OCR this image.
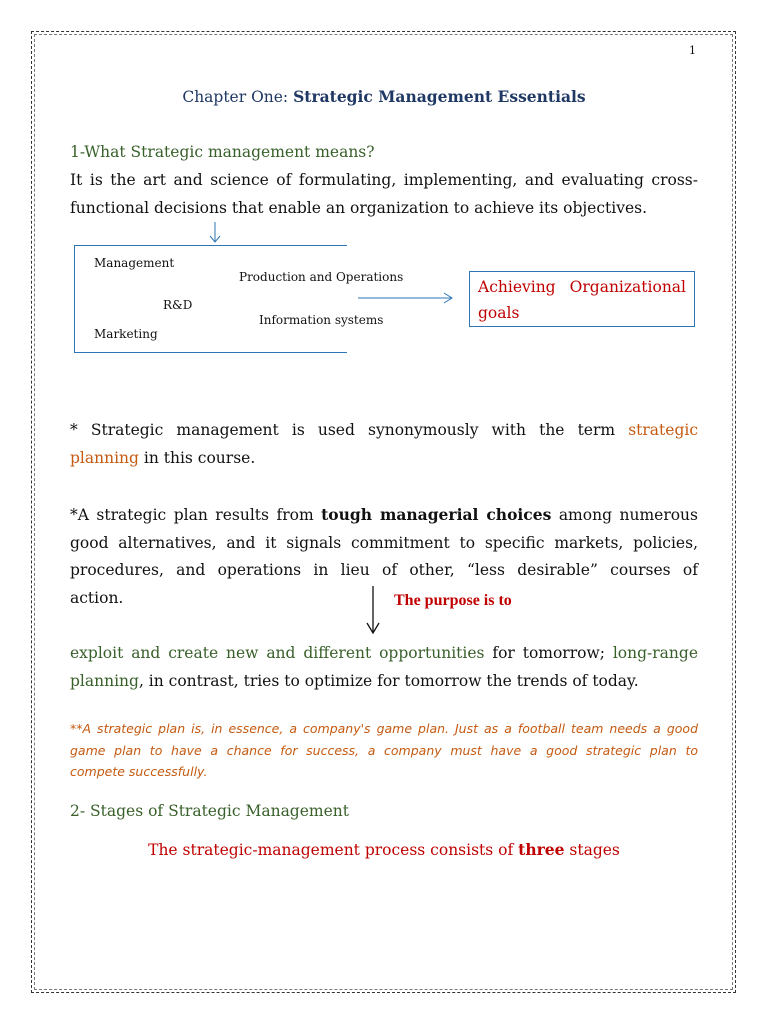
1
Chapter One: Strategic Management Essentials
1-What Strategic management means?
It is the art and science of formulating, implementing, and evaluating cross-
functional decisions that enable an organization to achieve its objectives.
Management
Production and Operations
R&D
Information systems
Marketing
Achieving Organizational
goals
* Strategic management is used synonymously with the term strategic
planning in this course.
*A strategic plan results from tough managerial choices among numerous
good alternatives, and it signals commitment to specific markets, policies,
procedures, and operations in lieu of other, “less desirable” courses of
action.	The purpose is to
exploit and create new and different opportunities for tomorrow; long-range
planning, in contrast, tries to optimize for tomorrow the trends of today.
**A strategic plan is, in essence, a company's game plan. Just as a football team needs a good
game plan to have a chance for success, a company must have a good strategic plan to
compete successfully.
2- Stages of Strategic Management
The strategic-management process consists of three stages
